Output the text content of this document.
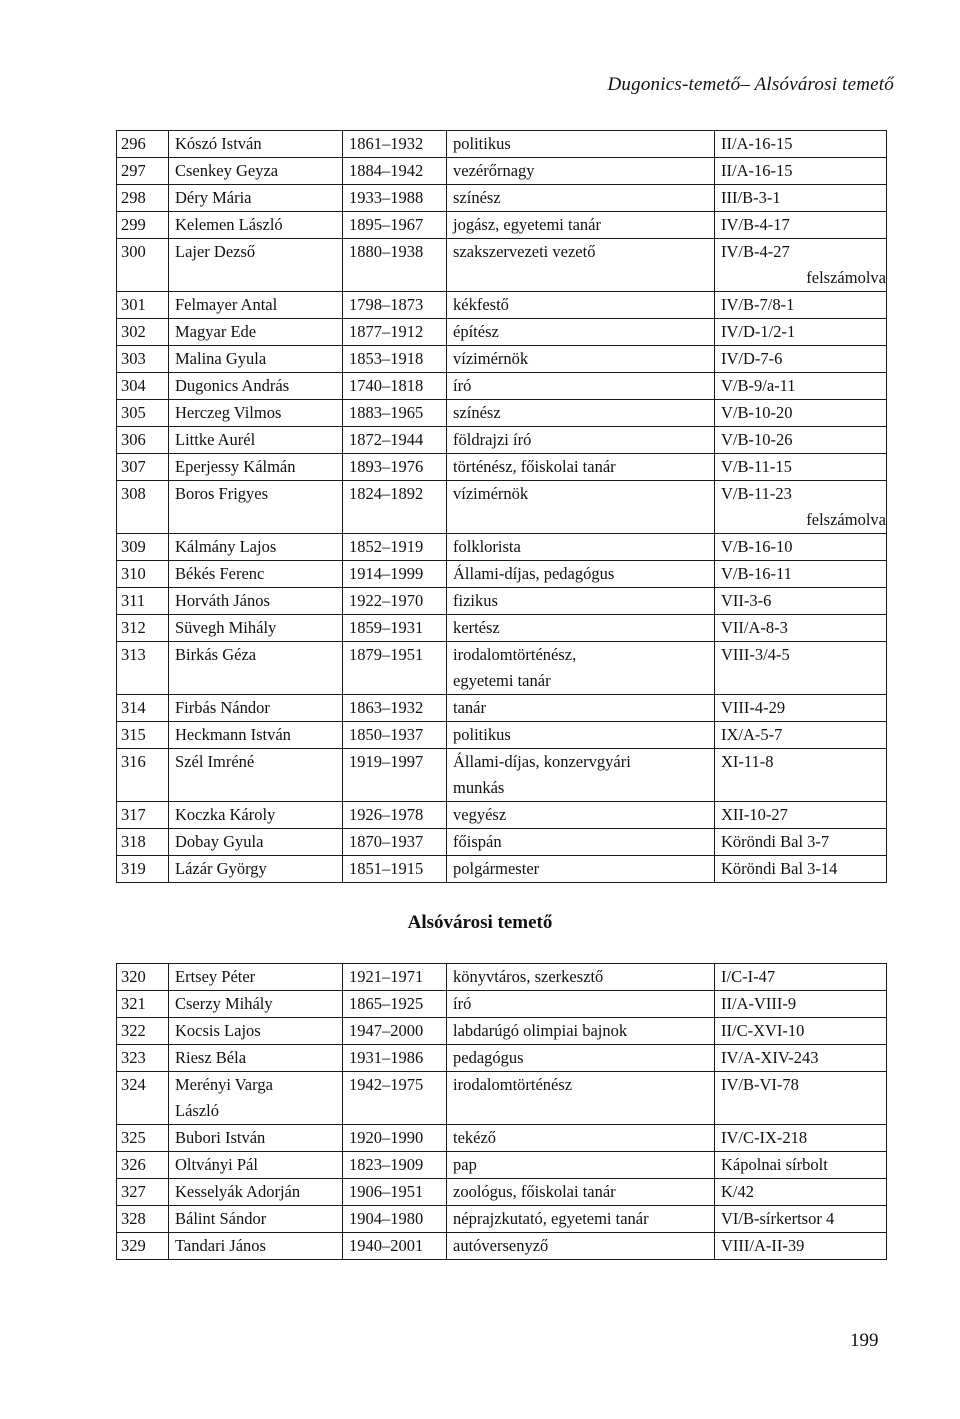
Dugonics-temető– Alsóvárosi temető
296	Kószó István	1861–1932	politikus	II/A-16-15

297	Csenkey Geyza	1884–1942	vezérőrnagy	II/A-16-15

298	Déry Mária	1933–1988	színész	III/B-3-1

299	Kelemen László	1895–1967	jogász, egyetemi tanár	IV/B-4-17

300	Lajer Dezső	1880–1938	szakszervezeti vezető	IV/B-4-27
felszámolva

301	Felmayer Antal	1798–1873	kékfestő	IV/B-7/8-1

302	Magyar Ede	1877–1912	építész	IV/D-1/2-1

303	Malina Gyula	1853–1918	vízimérnök	IV/D-7-6

304	Dugonics András	1740–1818	író	V/B-9/a-11

305	Herczeg Vilmos	1883–1965	színész	V/B-10-20

306	Littke Aurél	1872–1944	földrajzi író	V/B-10-26

307	Eperjessy Kálmán	1893–1976	történész, főiskolai tanár	V/B-11-15

308	Boros Frigyes	1824–1892	vízimérnök	V/B-11-23
felszámolva

309	Kálmány Lajos	1852–1919	folklorista	V/B-16-10

310	Békés Ferenc	1914–1999	Állami-díjas, pedagógus	V/B-16-11

311	Horváth János	1922–1970	fizikus	VII-3-6

312	Süvegh Mihály	1859–1931	kertész	VII/A-8-3

313	Birkás Géza	1879–1951	irodalomtörténész,
egyetemi tanár	VIII-3/4-5

314	Firbás Nándor	1863–1932	tanár	VIII-4-29

315	Heckmann István	1850–1937	politikus	IX/A-5-7

316	Szél Imréné	1919–1997	Állami-díjas, konzervgyári
munkás	XI-11-8

317	Koczka Károly	1926–1978	vegyész	XII-10-27

318	Dobay Gyula	1870–1937	főispán	Köröndi Bal 3-7

319	Lázár György	1851–1915	polgármester	Köröndi Bal 3-14
Alsóvárosi temető
320	Ertsey Péter	1921–1971	könyvtáros, szerkesztő	I/C-I-47

321	Cserzy Mihály	1865–1925	író	II/A-VIII-9

322	Kocsis Lajos	1947–2000	labdarúgó olimpiai bajnok	II/C-XVI-10

323	Riesz Béla	1931–1986	pedagógus	IV/A-XIV-243

324	Merényi Varga
László	1942–1975	irodalomtörténész	IV/B-VI-78

325	Bubori István	1920–1990	tekéző	IV/C-IX-218

326	Oltványi Pál	1823–1909	pap	Kápolnai sírbolt

327	Kesselyák Adorján	1906–1951	zoológus, főiskolai tanár	K/42

328	Bálint Sándor	1904–1980	néprajzkutató, egyetemi tanár	VI/B-sírkertsor 4

329	Tandari János	1940–2001	autóversenyző	VIII/A-II-39
199
